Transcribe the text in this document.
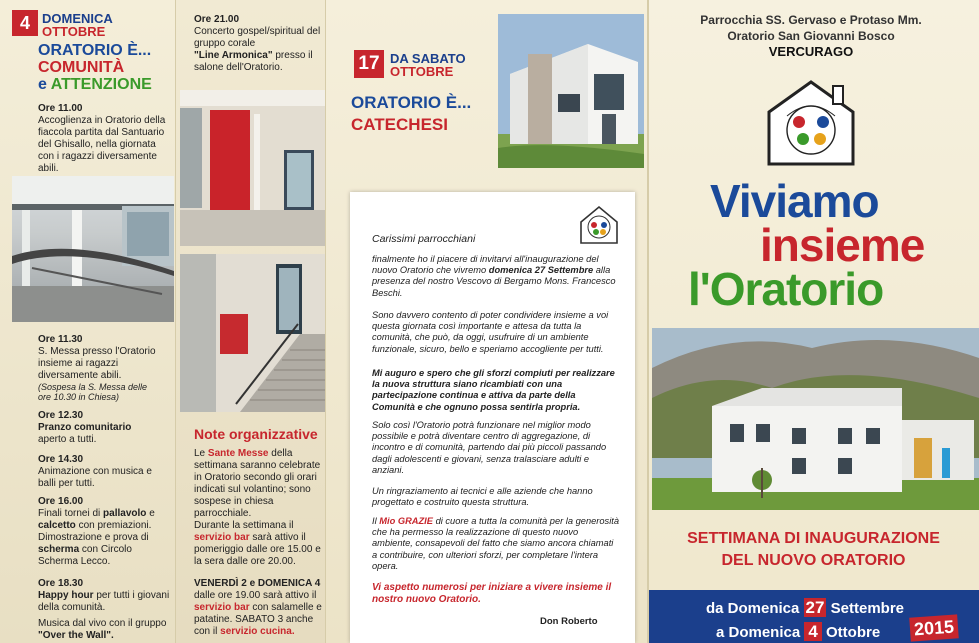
4 DOMENICA
OTTOBRE
ORATORIO È...
COMUNITÀ
e ATTENZIONE
Ore 11.00
Accoglienza in Oratorio della fiaccola partita dal Santuario del Ghisallo, nella giornata con i ragazzi diversamente abili.
Ore 11.30
S. Messa presso l'Oratorio insieme ai ragazzi diversamente abili.

(Sospesa la S. Messa delle ore 10.30 in Chiesa)
Ore 12.30
Pranzo comunitario
aperto a tutti.
Ore 14.30
Animazione con musica e balli per tutti.
Ore 16.00
Finali tornei di pallavolo e calcetto con premiazioni.
Dimostrazione e prova di scherma con Circolo Scherma Lecco.
Ore 18.30
Happy hour per tutti i giovani della comunità.

Musica dal vivo con il gruppo "Over the Wall".
Ore 21.00
Concerto gospel/spiritual del gruppo corale
"Line Armonica" presso il salone dell'Oratorio.
Note organizzative
Le Sante Messe della settimana saranno celebrate in Oratorio secondo gli orari indicati sul volantino; sono sospese in chiesa parrocchiale.
Durante la settimana il servizio bar sarà attivo il pomeriggio dalle ore 15.00 e la sera dalle ore 20.00.
VENERDÌ 2 e DOMENICA 4 dalle ore 19.00 sarà attivo il servizio bar con salamelle e patatine. SABATO 3 anche con il servizio cucina.
17 DA SABATO
OTTOBRE
ORATORIO È...
CATECHESI

Carissimi parrocchiani

finalmente ho il piacere di invitarvi all'inaugurazione del nuovo Oratorio che vivremo domenica 27 Settembre alla presenza del nostro Vescovo di Bergamo Mons. Francesco Beschi.

Sono davvero contento di poter condividere insieme a voi questa giornata così importante e attesa da tutta la comunità, che può, da oggi, usufruire di un ambiente funzionale, sicuro, bello e speriamo accogliente per tutti.

Mi auguro e spero che gli sforzi compiuti per realizzare la nuova struttura siano ricambiati con una partecipazione continua e attiva da parte della Comunità e che ognuno possa sentirla propria.

Solo così l'Oratorio potrà funzionare nel miglior modo possibile e potrà diventare centro di aggregazione, di incontro e di comunità, partendo dai più piccoli passando dagli adolescenti e giovani, senza tralasciare adulti e anziani.

Un ringraziamento ai tecnici e alle aziende che hanno progettato e costruito questa struttura.

Il Mio GRAZIE di cuore a tutta la comunità per la generosità che ha permesso la realizzazione di questo nuovo ambiente, consapevoli del fatto che siamo ancora chiamati a contribuire, con ulteriori sforzi, per completare l'intera opera.

Vi aspetto numerosi per iniziare a vivere insieme il nostro nuovo Oratorio.

Don Roberto

Parrocchia SS. Gervaso e Protaso Mm.
Oratorio San Giovanni Bosco
VERCURAGO
Viviamo
insieme
l'Oratorio
SETTIMANA DI INAUGURAZIONE
DEL NUOVO ORATORIO
da Domenica 27 Settembre
a Domenica 4 Ottobre 2015
